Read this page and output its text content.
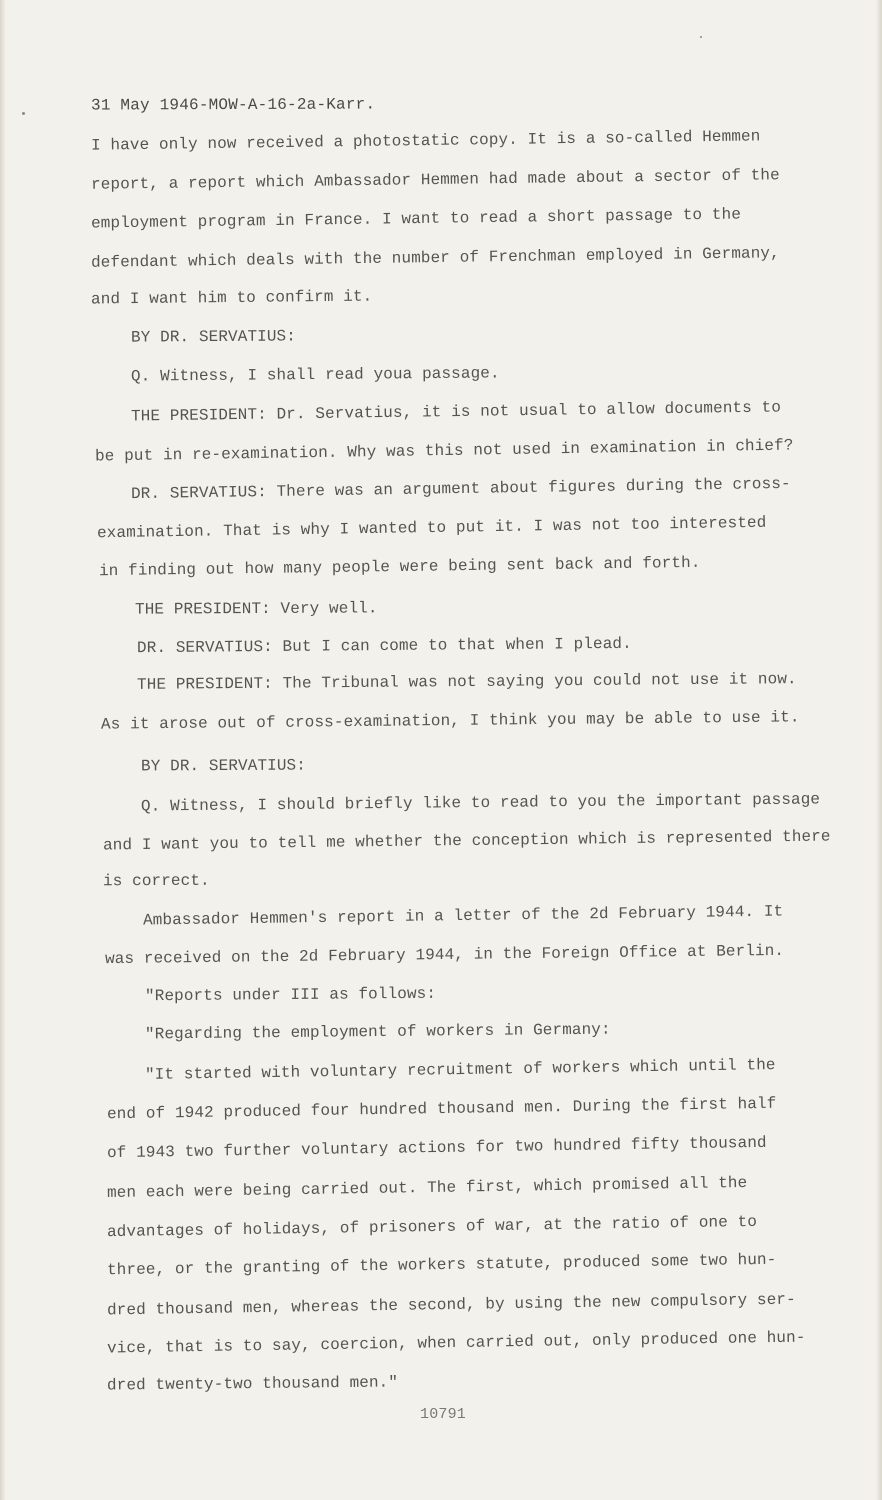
31 May 1946-MOW-A-16-2a-Karr.
I have only now received a photostatic copy. It is a so-called Hemmen
report, a report which Ambassador Hemmen had made about a sector of the
employment program in France. I want to read a short passage to the
defendant which deals with the number of Frenchman employed in Germany,
and I want him to confirm it.
BY DR. SERVATIUS:
Q. Witness, I shall read youa passage.
THE PRESIDENT: Dr. Servatius, it is not usual to allow documents to
be put in re-examination. Why was this not used in examination in chief?
DR. SERVATIUS: There was an argument about figures during the cross-
examination. That is why I wanted to put it. I was not too interested
in finding out how many people were being sent back and forth.
THE PRESIDENT: Very well.
DR. SERVATIUS: But I can come to that when I plead.
THE PRESIDENT: The Tribunal was not saying you could not use it now.
As it arose out of cross-examination, I think you may be able to use it.
BY DR. SERVATIUS:
Q. Witness, I should briefly like to read to you the important passage
and I want you to tell me whether the conception which is represented there
is correct.
Ambassador Hemmen's report in a letter of the 2d February 1944. It
was received on the 2d February 1944, in the Foreign Office at Berlin.
"Reports under III as follows:
"Regarding the employment of workers in Germany:
"It started with voluntary recruitment of workers which until the
end of 1942 produced four hundred thousand men. During the first half
of 1943 two further voluntary actions for two hundred fifty thousand
men each were being carried out. The first, which promised all the
advantages of holidays, of prisoners of war, at the ratio of one to
three, or the granting of the workers statute, produced some two hun-
dred thousand men, whereas the second, by using the new compulsory ser-
vice, that is to say, coercion, when carried out, only produced one hun-
dred twenty-two thousand men."
10791
